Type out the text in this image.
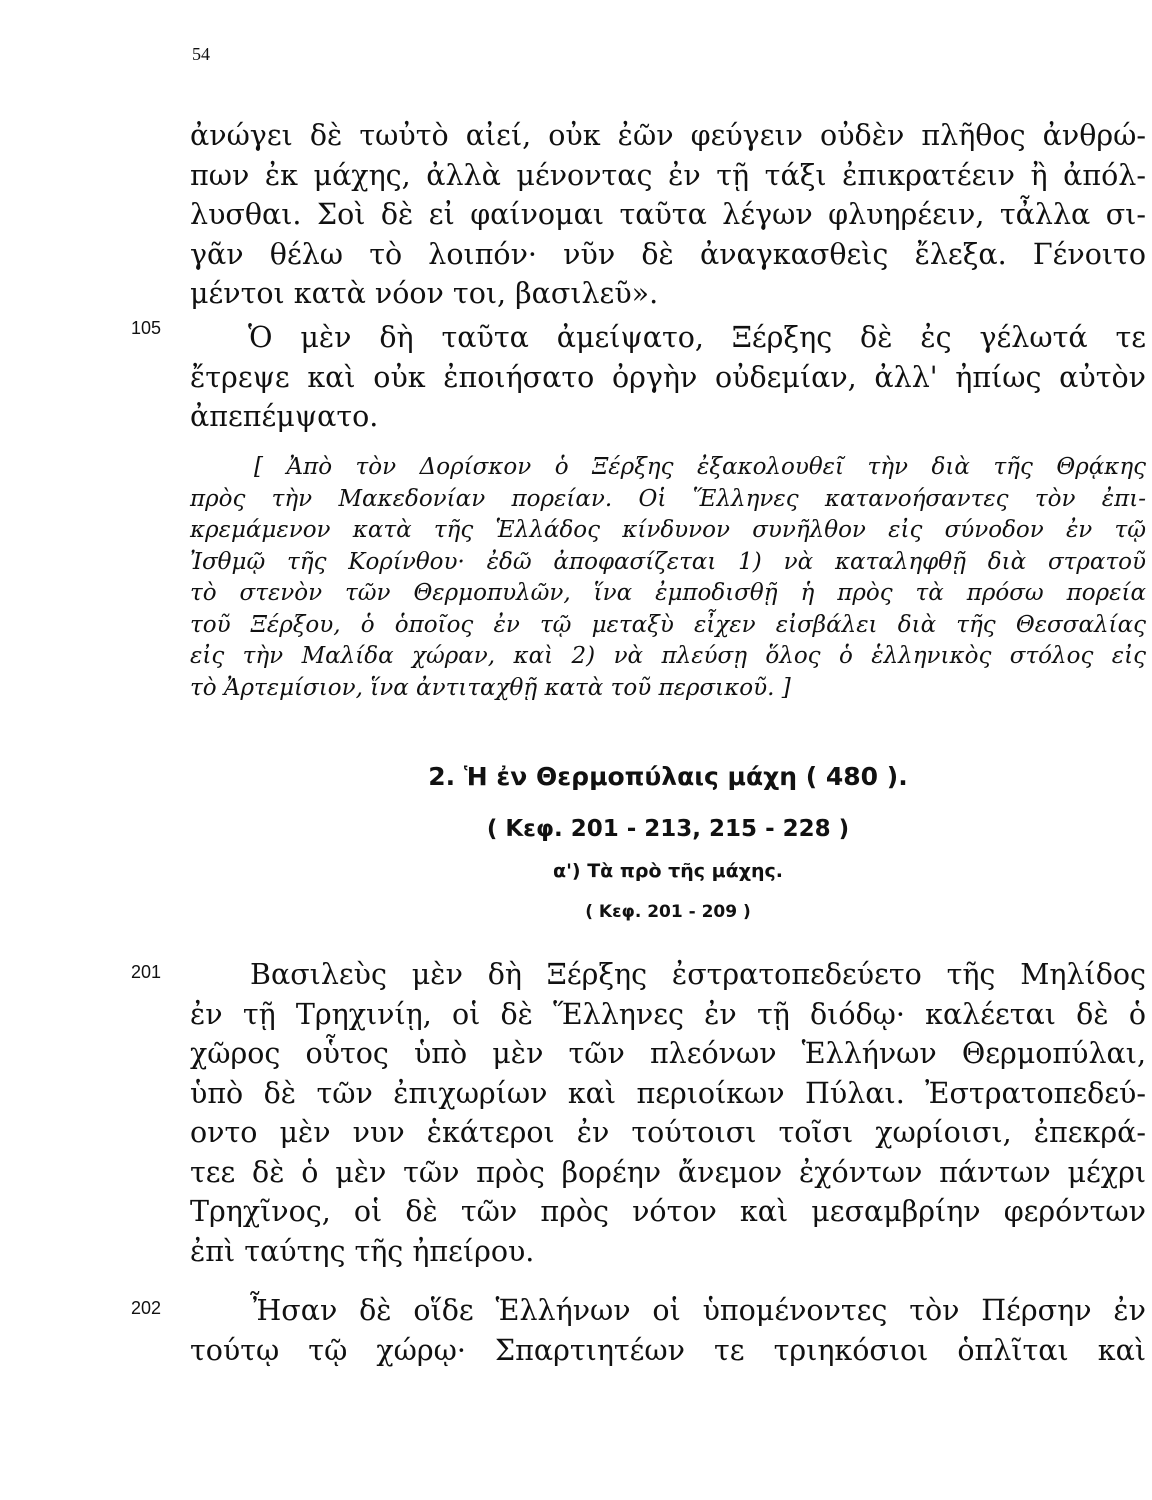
54
ἀνώγει δὲ τωὐτὸ αἰεί, οὐκ ἐῶν φεύγειν οὐδὲν πλῆθος ἀνθρώ-
πων ἐκ μάχης, ἀλλὰ μένοντας ἐν τῇ τάξι ἐπικρατέειν ἢ ἀπόλ-
λυσθαι. Σοὶ δὲ εἰ φαίνομαι ταῦτα λέγων φλυηρέειν, τἆλλα σι-
γᾶν θέλω τὸ λοιπόν· νῦν δὲ ἀναγκασθεὶς ἔλεξα. Γένοιτο
μέντοι κατὰ νόον τοι, βασιλεῦ».
105	Ὁ μὲν δὴ ταῦτα ἀμείψατο, Ξέρξης δὲ ἐς γέλωτά τε
ἔτρεψε καὶ οὐκ ἐποιήσατο ὀργὴν οὐδεμίαν, ἀλλ' ἠπίως αὐτὸν
ἀπεπέμψατο.
[ Ἀπὸ τὸν Δορίσκον ὁ Ξέρξης ἐξακολουθεῖ τὴν διὰ τῆς Θρᾴκης
πρὸς τὴν Μακεδονίαν πορείαν. Οἱ Ἕλληνες κατανοήσαντες τὸν ἐπι-
κρεμάμενον κατὰ τῆς Ἑλλάδος κίνδυνον συνῆλθον εἰς σύνοδον ἐν τῷ
Ἰσθμῷ τῆς Κορίνθου· ἐδῶ ἀποφασίζεται 1) νὰ καταληφθῇ διὰ στρατοῦ
τὸ στενὸν τῶν Θερμοπυλῶν, ἵνα ἐμποδισθῇ ἡ πρὸς τὰ πρόσω πορεία
τοῦ Ξέρξου, ὁ ὁποῖος ἐν τῷ μεταξὺ εἶχεν εἰσβάλει διὰ τῆς Θεσσαλίας
εἰς τὴν Μαλίδα χώραν, καὶ 2) νὰ πλεύσῃ ὅλος ὁ ἑλληνικὸς στόλος εἰς
τὸ Ἀρτεμίσιον, ἵνα ἀντιταχθῇ κατὰ τοῦ περσικοῦ. ]
2. Ἡ ἐν Θερμοπύλαις μάχη ( 480 ).
( Κεφ. 201 - 213, 215 - 228 )
α') Τὰ πρὸ τῆς μάχης.
( Κεφ. 201 - 209 )
201	Βασιλεὺς μὲν δὴ Ξέρξης ἐστρατοπεδεύετο τῆς Μηλίδος
ἐν τῇ Τρηχινίῃ, οἱ δὲ Ἕλληνες ἐν τῇ διόδῳ· καλέεται δὲ ὁ
χῶρος οὗτος ὑπὸ μὲν τῶν πλεόνων Ἑλλήνων Θερμοπύλαι,
ὑπὸ δὲ τῶν ἐπιχωρίων καὶ περιοίκων Πύλαι. Ἐστρατοπεδεύ-
οντο μὲν νυν ἑκάτεροι ἐν τούτοισι τοῖσι χωρίοισι, ἐπεκρά-
τεε δὲ ὁ μὲν τῶν πρὸς βορέην ἄνεμον ἐχόντων πάντων μέχρι
Τρηχῖνος, οἱ δὲ τῶν πρὸς νότον καὶ μεσαμβρίην φερόντων
ἐπὶ ταύτης τῆς ἠπείρου.
202	Ἦσαν δὲ οἵδε Ἑλλήνων οἱ ὑπομένοντες τὸν Πέρσην ἐν
τούτῳ τῷ χώρῳ· Σπαρτιητέων τε τριηκόσιοι ὁπλῖται καὶ
